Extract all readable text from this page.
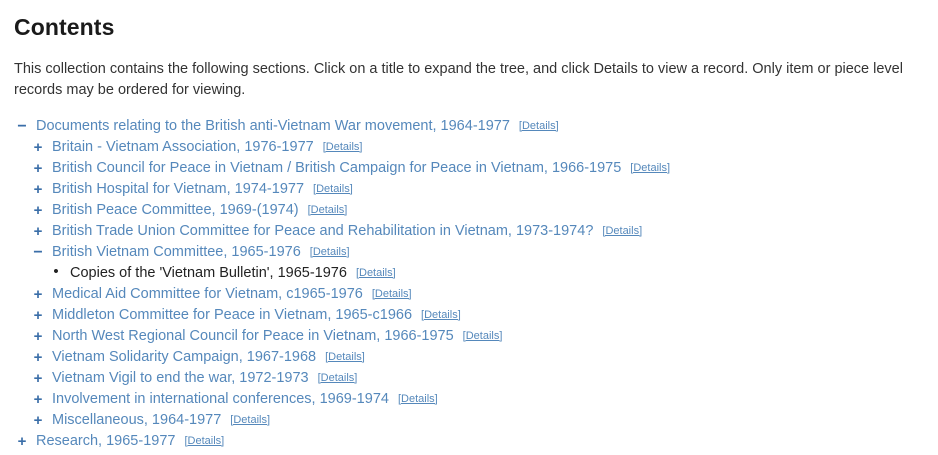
Contents

This collection contains the following sections. Click on a title to expand the tree, and click Details to view a record. Only item or piece level records may be ordered for viewing.

− Documents relating to the British anti-Vietnam War movement, 1964-1977 [Details]
+ Britain - Vietnam Association, 1976-1977 [Details]
+ British Council for Peace in Vietnam / British Campaign for Peace in Vietnam, 1966-1975 [Details]
+ British Hospital for Vietnam, 1974-1977 [Details]
+ British Peace Committee, 1969-(1974) [Details]
+ British Trade Union Committee for Peace and Rehabilitation in Vietnam, 1973-1974? [Details]
− British Vietnam Committee, 1965-1976 [Details]
• Copies of the 'Vietnam Bulletin', 1965-1976 [Details]
+ Medical Aid Committee for Vietnam, c1965-1976 [Details]
+ Middleton Committee for Peace in Vietnam, 1965-c1966 [Details]
+ North West Regional Council for Peace in Vietnam, 1966-1975 [Details]
+ Vietnam Solidarity Campaign, 1967-1968 [Details]
+ Vietnam Vigil to end the war, 1972-1973 [Details]
+ Involvement in international conferences, 1969-1974 [Details]
+ Miscellaneous, 1964-1977 [Details]
+ Research, 1965-1977 [Details]
